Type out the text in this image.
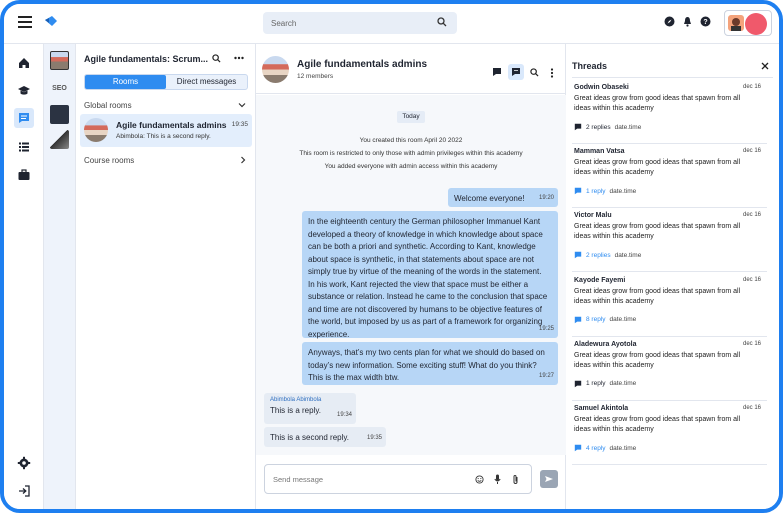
Search	?
SEO
Agile fundamentals: Scrum...
Rooms	Direct messages
Global rooms
Agile fundamentals admins 19:35
Abimbola: This is a second reply.
Course rooms
Agile fundamentals admins
12 members
Today
You created this room April 20 2022
This room is restricted to only those with admin privileges within this academy
You added everyone with admin access within this academy
Welcome everyone! 19:20
In the eighteenth century the German philosopher Immanuel Kant developed a theory of knowledge in which knowledge about space can be both a priori and synthetic. According to Kant, knowledge about space is synthetic, in that statements about space are not simply true by virtue of the meaning of the words in the statement. In his work, Kant rejected the view that space must be either a substance or relation. Instead he came to the conclusion that space and time are not discovered by humans to be objective features of the world, but imposed by us as part of a framework for organizing experience.
19:25
Anyways, that’s my two cents plan for what we should do based on today’s new information. Some exciting stuff! What do you think? This is the max width btw.	19:27
Abimbola Abimbola
This is a reply.	19:34
This is a second reply.	19:35
Send message
Threads
Godwin Obaseki	dec 16
Great ideas grow from good ideas that spawn from all ideas within this academy
2 replies date.time
Mamman Vatsa	dec 16
Great ideas grow from good ideas that spawn from all ideas within this academy
1 reply date.time
Victor Malu	dec 16
Great ideas grow from good ideas that spawn from all ideas within this academy
2 replies date.time
Kayode Fayemi	dec 16
Great ideas grow from good ideas that spawn from all ideas within this academy
8 reply date.time
Aladewura Ayotola	dec 16
Great ideas grow from good ideas that spawn from all ideas within this academy
1 reply date.time
Samuel Akintola	dec 16
Great ideas grow from good ideas that spawn from all ideas within this academy
4 reply date.time
